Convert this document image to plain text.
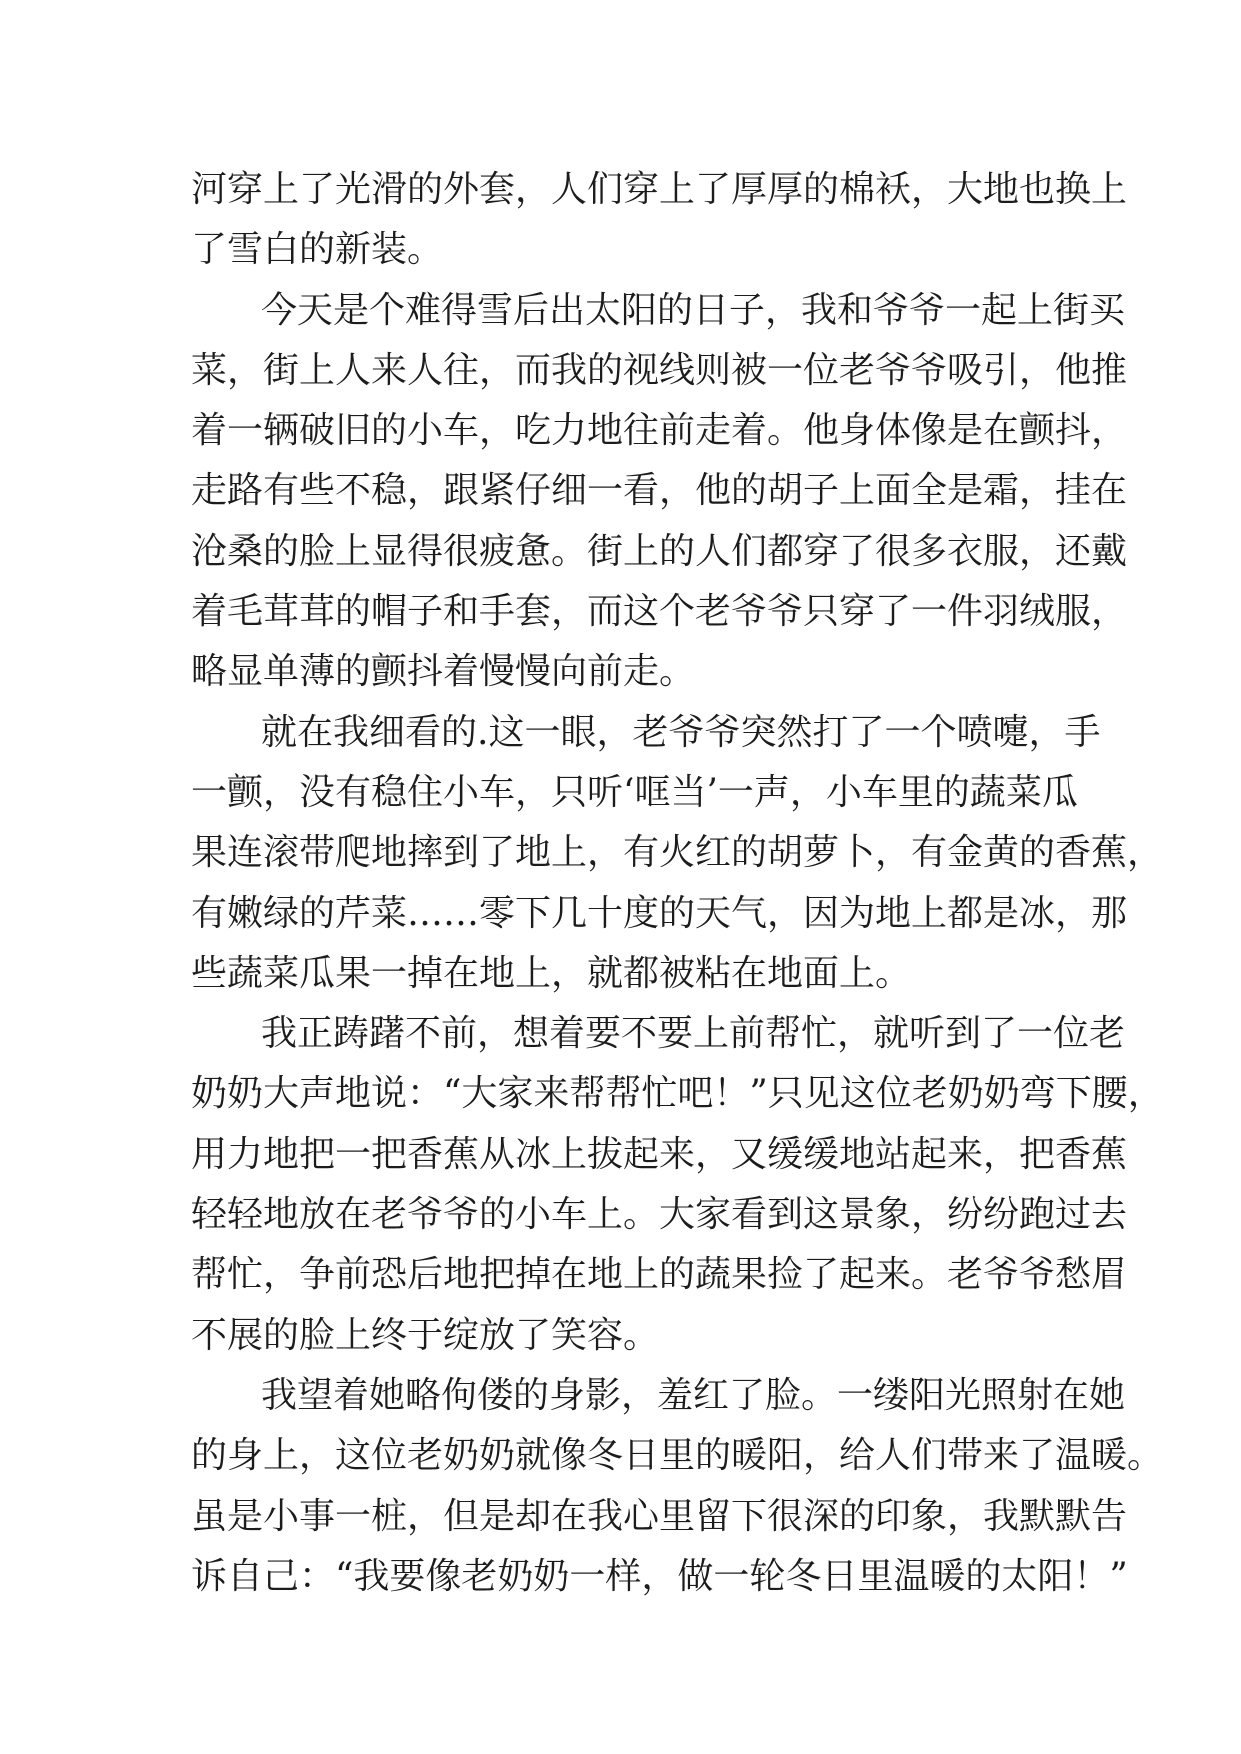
河穿上了光滑的外套，人们穿上了厚厚的棉袄，大地也换上
了雪白的新装。
今天是个难得雪后出太阳的日子，我和爷爷一起上街买
菜，街上人来人往，而我的视线则被一位老爷爷吸引，他推
着一辆破旧的小车，吃力地往前走着。他身体像是在颤抖，
走路有些不稳，跟紧仔细一看，他的胡子上面全是霜，挂在
沧桑的脸上显得很疲惫。街上的人们都穿了很多衣服，还戴
着毛茸茸的帽子和手套，而这个老爷爷只穿了一件羽绒服，
略显单薄的颤抖着慢慢向前走。
就在我细看的.这一眼，老爷爷突然打了一个喷嚏，手
一颤，没有稳住小车，只听‘哐当’一声，小车里的蔬菜瓜
果连滚带爬地摔到了地上，有火红的胡萝卜，有金黄的香蕉，
有嫩绿的芹菜……零下几十度的天气，因为地上都是冰，那
些蔬菜瓜果一掉在地上，就都被粘在地面上。
我正踌躇不前，想着要不要上前帮忙，就听到了一位老
奶奶大声地说：“大家来帮帮忙吧！”只见这位老奶奶弯下腰，
用力地把一把香蕉从冰上拔起来，又缓缓地站起来，把香蕉
轻轻地放在老爷爷的小车上。大家看到这景象，纷纷跑过去
帮忙，争前恐后地把掉在地上的蔬果捡了起来。老爷爷愁眉
不展的脸上终于绽放了笑容。
我望着她略佝偻的身影，羞红了脸。一缕阳光照射在她
的身上，这位老奶奶就像冬日里的暖阳，给人们带来了温暖。
虽是小事一桩，但是却在我心里留下很深的印象，我默默告
诉自己：“我要像老奶奶一样，做一轮冬日里温暖的太阳！”
